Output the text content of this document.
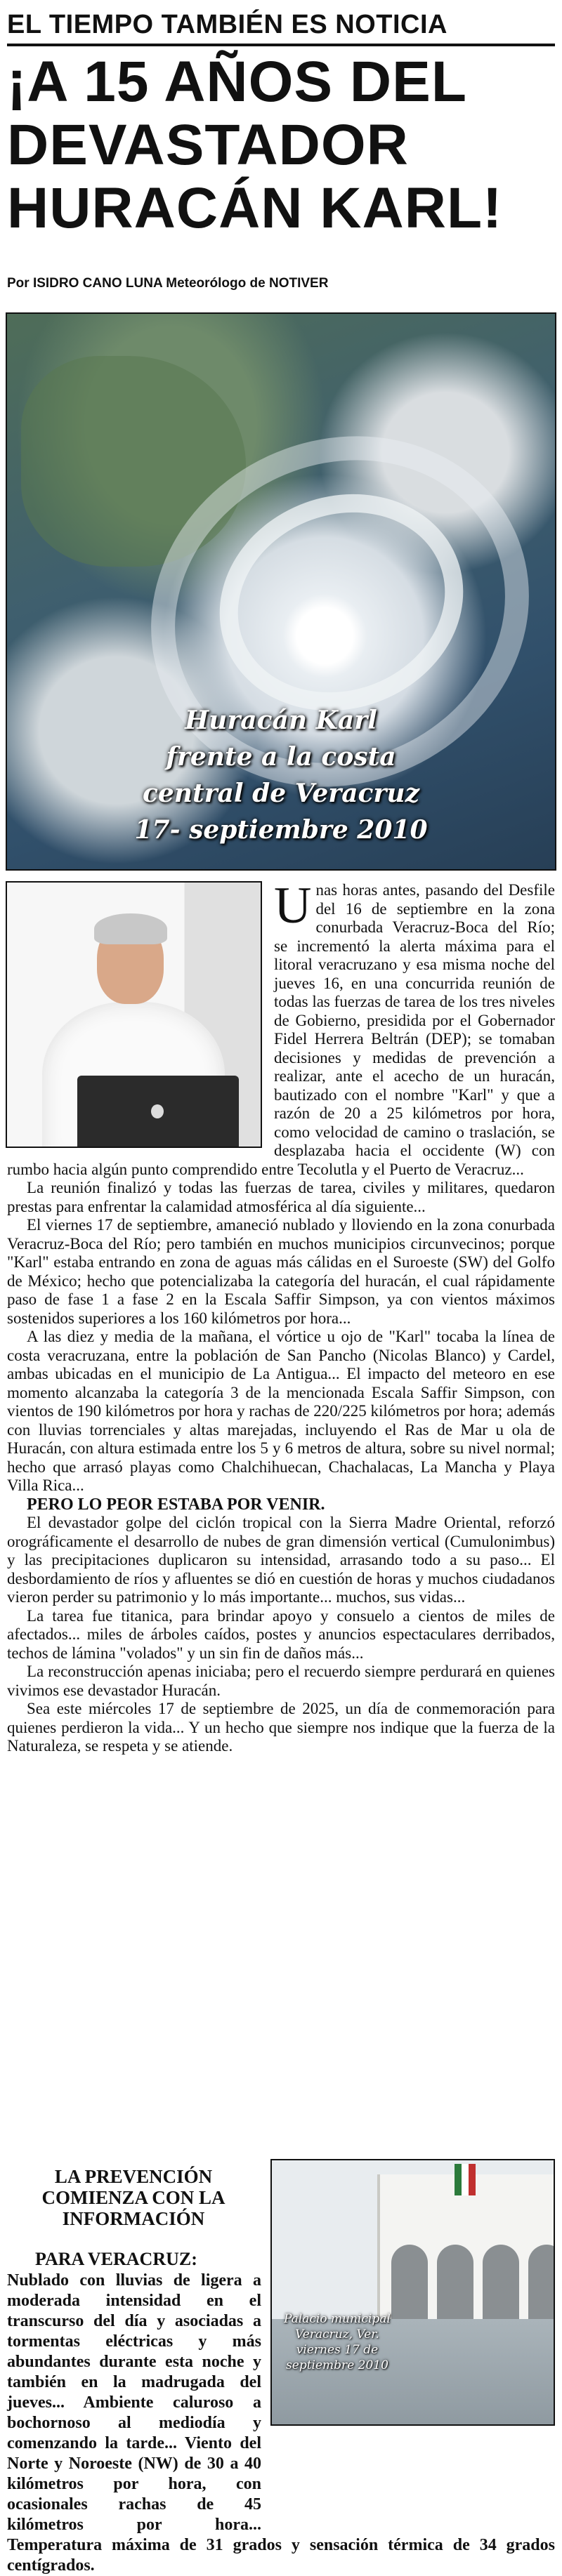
EL TIEMPO TAMBIÉN ES NOTICIA
¡A 15 AÑOS DEL
DEVASTADOR
HURACÁN KARL!
Por ISIDRO CANO LUNA Meteorólogo de NOTIVER
Huracán Karl
frente a la costa
central de Veracruz
17- septiembre 2010

Unas horas antes, pasando del Desfile del 16 de septiembre en la zona conurbada Veracruz-Boca del Río; se incrementó la alerta máxima para el litoral veracruzano y esa misma noche del jueves 16, en una concurrida reunión de todas las fuerzas de tarea de los tres niveles de Gobierno, presidida por el Gobernador Fidel Herrera Beltrán (DEP); se tomaban decisiones y medidas de prevención a realizar, ante el acecho de un huracán, bautizado con el nombre "Karl" y que a razón de 20 a 25 kilómetros por hora, como velocidad de camino o traslación, se desplazaba hacia el occidente (W) con rumbo hacia algún punto comprendido entre Tecolutla y el Puerto de Veracruz...

La reunión finalizó y todas las fuerzas de tarea, civiles y militares, quedaron prestas para enfrentar la calamidad atmosférica al día siguiente...

El viernes 17 de septiembre, amaneció nublado y lloviendo en la zona conurbada Veracruz-Boca del Río; pero también en muchos municipios circunvecinos; porque "Karl" estaba entrando en zona de aguas más cálidas en el Suroeste (SW) del Golfo de México; hecho que potencializaba la categoría del huracán, el cual rápidamente paso de fase 1 a fase 2 en la Escala Saffir Simpson, ya con vientos máximos sostenidos superiores a los 160 kilómetros por hora...

A las diez y media de la mañana, el vórtice u ojo de "Karl" tocaba la línea de costa veracruzana, entre la población de San Pancho (Nicolas Blanco) y Cardel, ambas ubicadas en el municipio de La Antigua... El impacto del meteoro en ese momento alcanzaba la categoría 3 de la mencionada Escala Saffir Simpson, con vientos de 190 kilómetros por hora y rachas de 220/225 kilómetros por hora; además con lluvias torrenciales y altas marejadas, incluyendo el Ras de Mar u ola de Huracán, con altura estimada entre los 5 y 6 metros de altura, sobre su nivel normal; hecho que arrasó playas como Chalchihuecan, Chachalacas, La Mancha y Playa Villa Rica...

PERO LO PEOR ESTABA POR VENIR.

El devastador golpe del ciclón tropical con la Sierra Madre Oriental, reforzó orográficamente el desarrollo de nubes de gran dimensión vertical (Cumulonimbus) y las precipitaciones duplicaron su intensidad, arrasando todo a su paso... El desbordamiento de ríos y afluentes se dió en cuestión de horas y muchos ciudadanos vieron perder su patrimonio y lo más importante... muchos, sus vidas...

La tarea fue titanica, para brindar apoyo y consuelo a cientos de miles de afectados... miles de árboles caídos, postes y anuncios espectaculares derribados, techos de lámina "volados" y un sin fin de daños más...

La reconstrucción apenas iniciaba; pero el recuerdo siempre perdurará en quienes vivimos ese devastador Huracán.

Sea este miércoles 17 de septiembre de 2025, un día de conmemoración para quienes perdieron la vida... Y un hecho que siempre nos indique que la fuerza de la Naturaleza, se respeta y se atiende.

LA PREVENCIÓN
COMIENZA CON LA
INFORMACIÓN
PARA VERACRUZ:
Nublado con lluvias de ligera a moderada intensidad en el transcurso del día y asociadas a tormentas eléctricas y más abundantes durante esta noche y también en la madrugada del jueves... Ambiente caluroso a bochornoso al mediodía y comenzando la tarde... Viento del Norte y Noroeste (NW) de 30 a 40 kilómetros por hora, con ocasionales rachas de 45 kilómetros por hora... Temperatura máxima de 31 grados y sensación térmica de 34 grados centígrados.
Palacio municipal
Veracruz, Ver.
viernes 17 de
septiembre 2010
